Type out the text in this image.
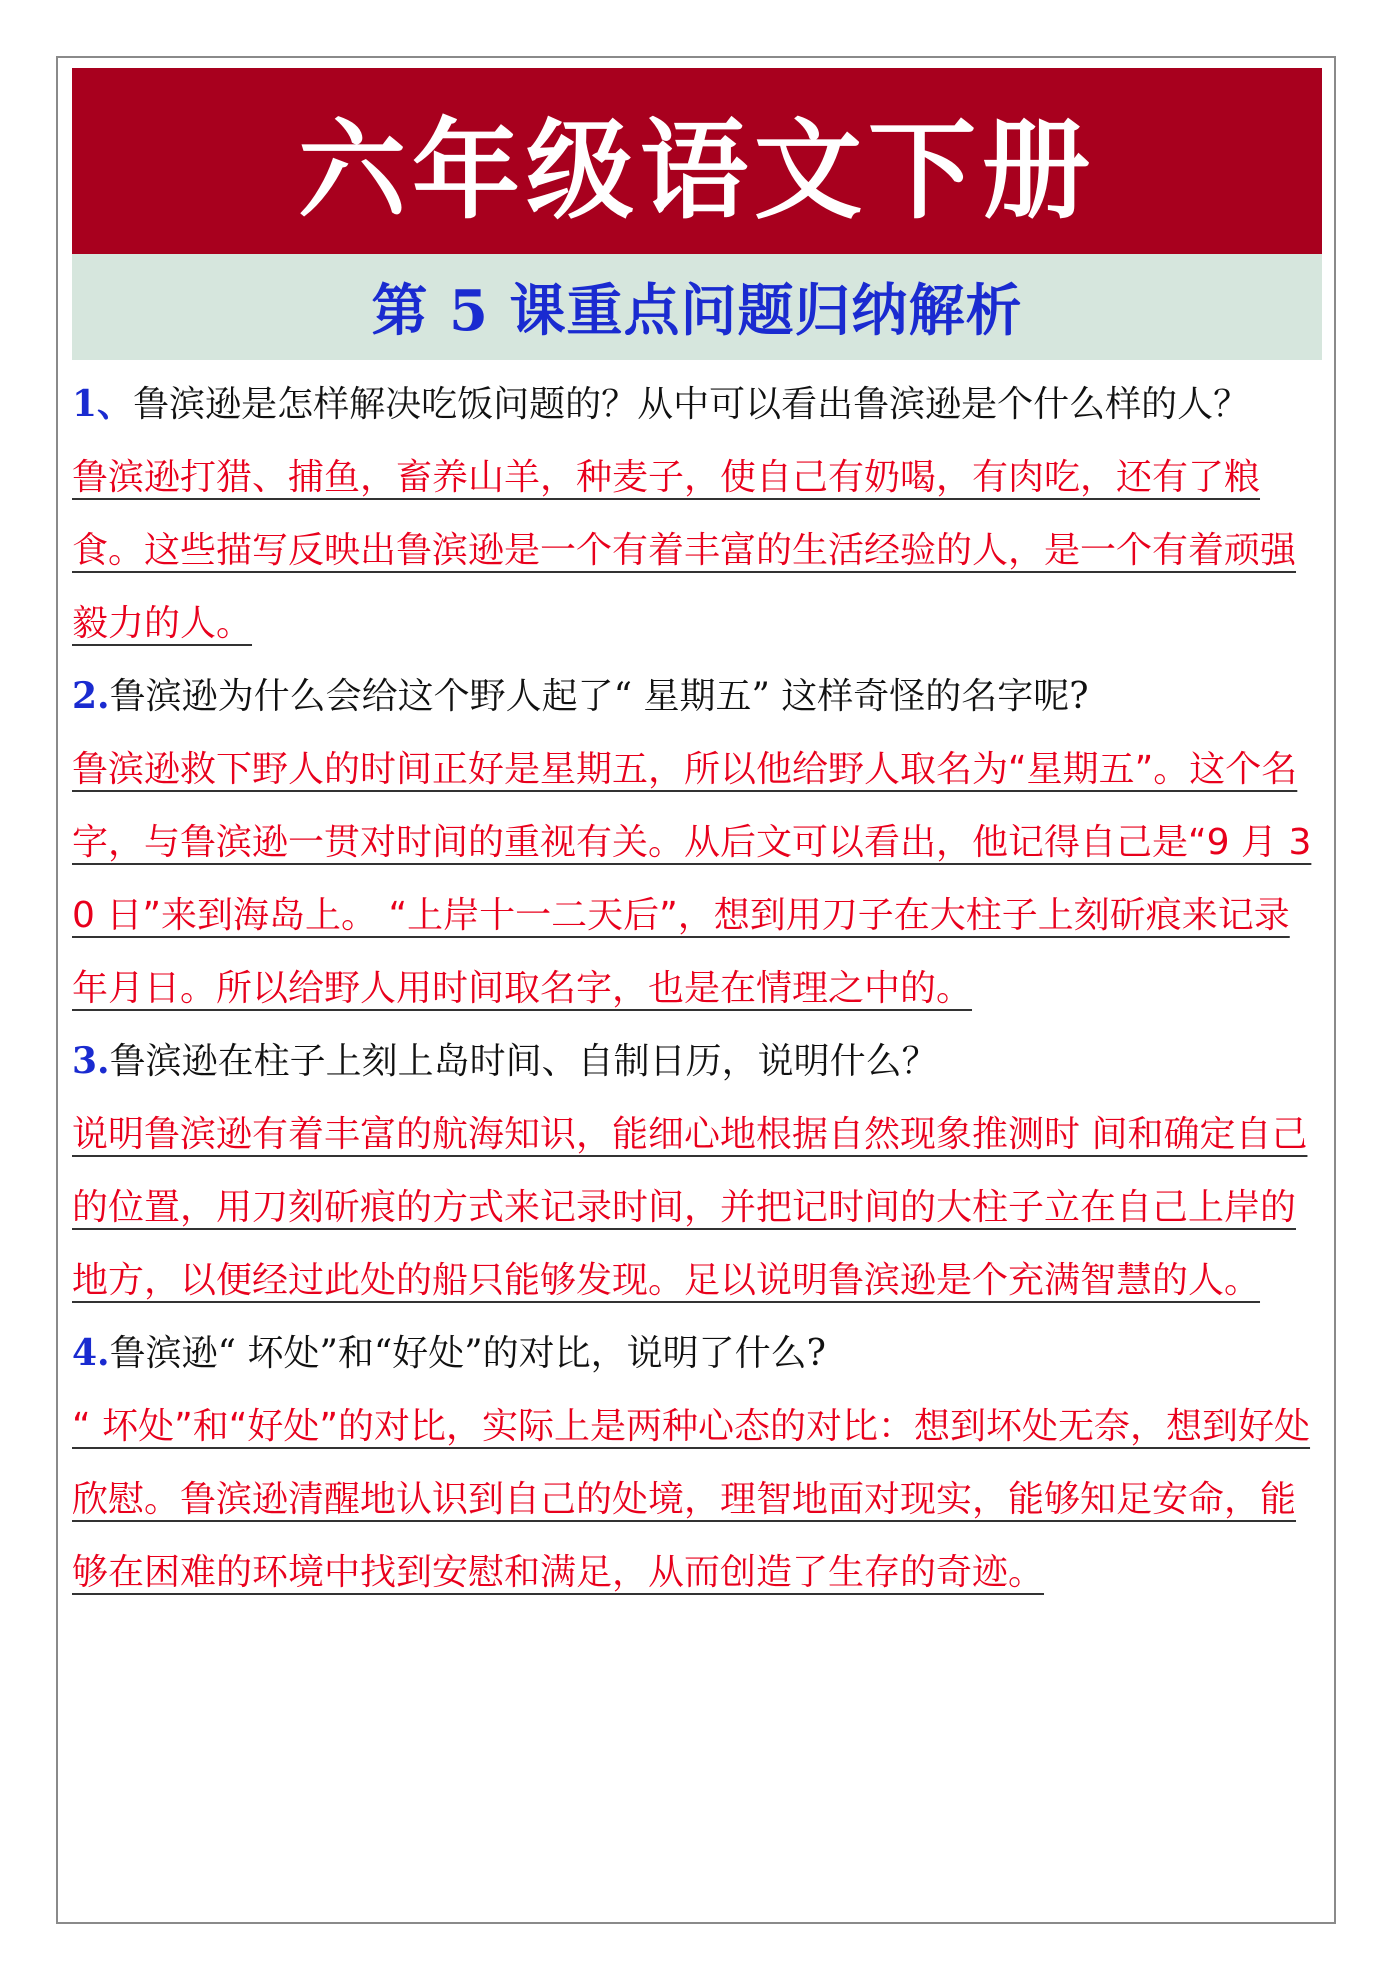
六年级语文下册
第 5 课重点问题归纳解析

1、鲁滨逊是怎样解决吃饭问题的？从中可以看出鲁滨逊是个什么样的人？

鲁滨逊打猎、捕鱼，畜养山羊，种麦子，使自己有奶喝，有肉吃，还有了粮食。这些描写反映出鲁滨逊是一个有着丰富的生活经验的人，是一个有着顽强毅力的人。

2.鲁滨逊为什么会给这个野人起了“ 星期五” 这样奇怪的名字呢?

鲁滨逊救下野人的时间正好是星期五，所以他给野人取名为“星期五”。这个名字，与鲁滨逊一贯对时间的重视有关。从后文可以看出，他记得自己是“9 月 30 日”来到海岛上。 “上岸十一二天后”，想到用刀子在大柱子上刻斫痕来记录年月日。所以给野人用时间取名字，也是在情理之中的。

3.鲁滨逊在柱子上刻上岛时间、自制日历，说明什么？

说明鲁滨逊有着丰富的航海知识，能细心地根据自然现象推测时 间和确定自己的位置，用刀刻斫痕的方式来记录时间，并把记时间的大柱子立在自己上岸的地方，以便经过此处的船只能够发现。足以说明鲁滨逊是个充满智慧的人。

4.鲁滨逊“ 坏处”和“好处”的对比，说明了什么?

“ 坏处”和“好处”的对比，实际上是两种心态的对比：想到坏处无奈，想到好处欣慰。鲁滨逊清醒地认识到自己的处境，理智地面对现实，能够知足安命，能够在困难的环境中找到安慰和满足，从而创造了生存的奇迹。
